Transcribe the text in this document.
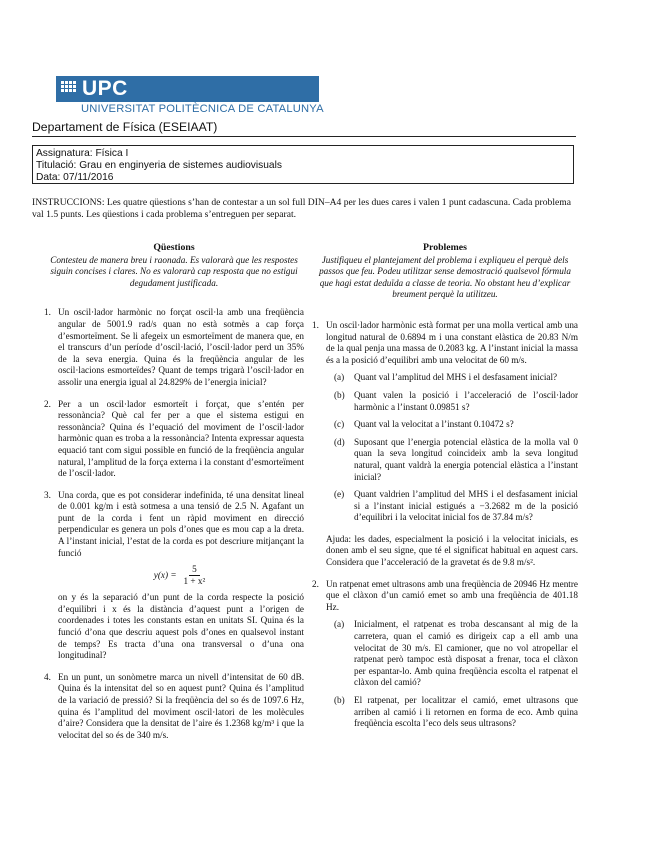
UPC
UNIVERSITAT POLITÈCNICA DE CATALUNYA
Departament de Física (ESEIAAT)
Assignatura: Física I
Titulació: Grau en enginyeria de sistemes audiovisuals
Data: 07/11/2016
INSTRUCCIONS: Les quatre qüestions s’han de contestar a un sol full DIN–A4 per les dues cares i valen 1 punt cadascuna. Cada problema val 1.5 punts. Les qüestions i cada problema s’entreguen per separat.
Qüestions
Contesteu de manera breu i raonada. Es valorarà que les respostes siguin concises i clares. No es valorarà cap resposta que no estigui degudament justificada.
1. Un oscil·lador harmònic no forçat oscil·la amb una freqüència angular de 5001.9 rad/s quan no està sotmès a cap força d’esmorteïment. Se li afegeix un esmorteïment de manera que, en el transcurs d’un període d’oscil·lació, l’oscil·lador perd un 35% de la seva energia. Quina és la freqüència angular de les oscil·lacions esmorteïdes? Quant de temps trigarà l’oscil·lador en assolir una energia igual al 24.829% de l’energia inicial?
2. Per a un oscil·lador esmorteït i forçat, que s’entén per ressonància? Què cal fer per a que el sistema estigui en ressonància? Quina és l’equació del moviment de l’oscil·lador harmònic quan es troba a la ressonància? Intenta expressar aquesta equació tant com sigui possible en funció de la freqüència angular natural, l’amplitud de la força externa i la constant d’esmorteïment de l’oscil·lador.
3. Una corda, que es pot considerar indefinida, té una densitat lineal de 0.001 kg/m i està sotmesa a una tensió de 2.5 N. Agafant un punt de la corda i fent un ràpid moviment en direcció perpendicular es genera un pols d’ones que es mou cap a la dreta. A l’instant inicial, l’estat de la corda es pot descriure mitjançant la funció
$y(x) = \frac{5}{\text{1 + x²}}$
on y és la separació d’un punt de la corda respecte la posició d’equilibri i x és la distància d’aquest punt a l’origen de coordenades i totes les constants estan en unitats SI. Quina és la funció d’ona que descriu aquest pols d’ones en qualsevol instant de temps? Es tracta d’una ona transversal o d’una ona longitudinal?
4. En un punt, un sonòmetre marca un nivell d’intensitat de 60 dB. Quina és la intensitat del so en aquest punt? Quina és l’amplitud de la variació de pressió? Si la freqüència del so és de 1097.6 Hz, quina és l’amplitud del moviment oscil·latori de les molècules d’aire? Considera que la densitat de l’aire és 1.2368 kg/m³ i que la velocitat del so és de 340 m/s.
Problemes
Justifiqueu el plantejament del problema i expliqueu el perquè dels passos que feu. Podeu utilitzar sense demostració qualsevol fórmula que hagi estat deduïda a classe de teoria. No obstant heu d’explicar breument perquè la utilitzeu.
1. Un oscil·lador harmònic està format per una molla vertical amb una longitud natural de 0.6894 m i una constant elàstica de 20.83 N/m de la qual penja una massa de 0.2083 kg. A l’instant inicial la massa és a la posició d’equilibri amb una velocitat de 60 m/s.
(a) Quant val l’amplitud del MHS i el desfasament inicial?
(b) Quant valen la posició i l’acceleració de l’oscil·lador harmònic a l’instant 0.09851 s?
(c) Quant val la velocitat a l’instant 0.10472 s?
(d) Suposant que l’energia potencial elàstica de la molla val 0 quan la seva longitud coincideix amb la seva longitud natural, quant valdrà la energia potencial elàstica a l’instant inicial?
(e) Quant valdrien l’amplitud del MHS i el desfasament inicial si a l’instant inicial estigués a −3.2682 m de la posició d’equilibri i la velocitat inicial fos de 37.84 m/s?
Ajuda: les dades, especialment la posició i la velocitat inicials, es donen amb el seu signe, que té el significat habitual en aquest cars. Considera que l’acceleració de la gravetat és de 9.8 m/s².
2. Un ratpenat emet ultrasons amb una freqüència de 20946 Hz mentre que el clàxon d’un camió emet so amb una freqüència de 401.18 Hz.
(a) Inicialment, el ratpenat es troba descansant al mig de la carretera, quan el camió es dirigeix cap a ell amb una velocitat de 30 m/s. El camioner, que no vol atropellar el ratpenat però tampoc està disposat a frenar, toca el clàxon per espantar-lo. Amb quina freqüència escolta el ratpenat el clàxon del camió?
(b) El ratpenat, per localitzar el camió, emet ultrasons que arriben al camió i li retornen en forma de eco. Amb quina freqüència escolta l’eco dels seus ultrasons?
